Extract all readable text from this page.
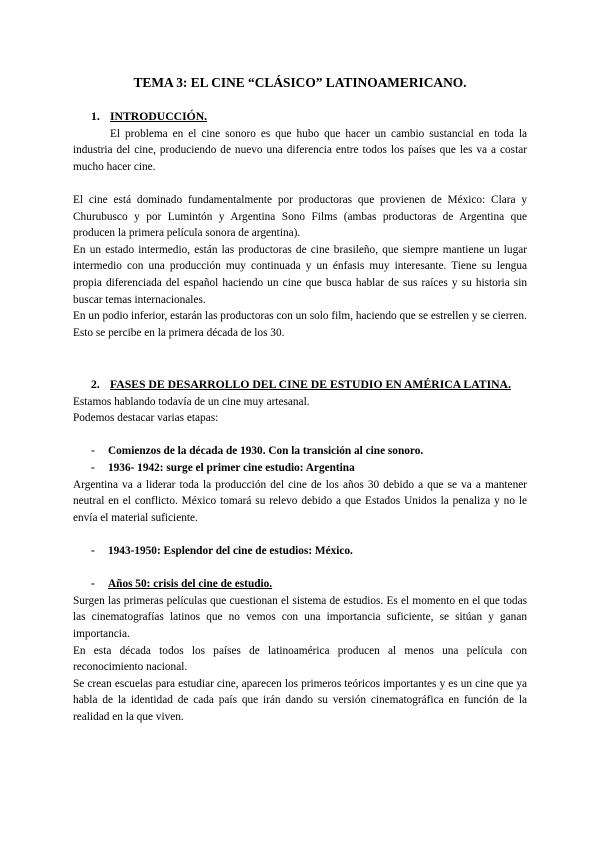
TEMA 3: EL CINE “CLÁSICO” LATINOAMERICANO.

1. INTRODUCCIÓN.

El problema en el cine sonoro es que hubo que hacer un cambio sustancial en toda la industria del cine, produciendo de nuevo una diferencia entre todos los países que les va a costar mucho hacer cine.

El cine está dominado fundamentalmente por productoras que provienen de México: Clara y Churubusco y por Lumintón y Argentina Sono Films (ambas productoras de Argentina que producen la primera película sonora de argentina).

En un estado intermedio, están las productoras de cine brasileño, que siempre mantiene un lugar intermedio con una producción muy continuada y un énfasis muy interesante. Tiene su lengua propia diferenciada del español haciendo un cine que busca hablar de sus raíces y su historia sin buscar temas internacionales.

En un podio inferior, estarán las productoras con un solo film, haciendo que se estrellen y se cierren.

Esto se percibe en la primera década de los 30.

2. FASES DE DESARROLLO DEL CINE DE ESTUDIO EN AMÉRICA LATINA.

Estamos hablando todavía de un cine muy artesanal.

Podemos destacar varias etapas:

- Comienzos de la década de 1930. Con la transición al cine sonoro.

- 1936- 1942: surge el primer cine estudio: Argentina

Argentina va a liderar toda la producción del cine de los años 30 debido a que se va a mantener neutral en el conflicto. México tomará su relevo debido a que Estados Unidos la penaliza y no le envía el material suficiente.

- 1943-1950: Esplendor del cine de estudios: México.

- Años 50: crisis del cine de estudio.

Surgen las primeras películas que cuestionan el sistema de estudios. Es el momento en el que todas las cinematografías latinos que no vemos con una importancia suficiente, se sitúan y ganan importancia.

En esta década todos los países de latinoamérica producen al menos una película con reconocimiento nacional.

Se crean escuelas para estudiar cine, aparecen los primeros teóricos importantes y es un cine que ya habla de la identidad de cada país que irán dando su versión cinematográfica en función de la realidad en la que viven.
